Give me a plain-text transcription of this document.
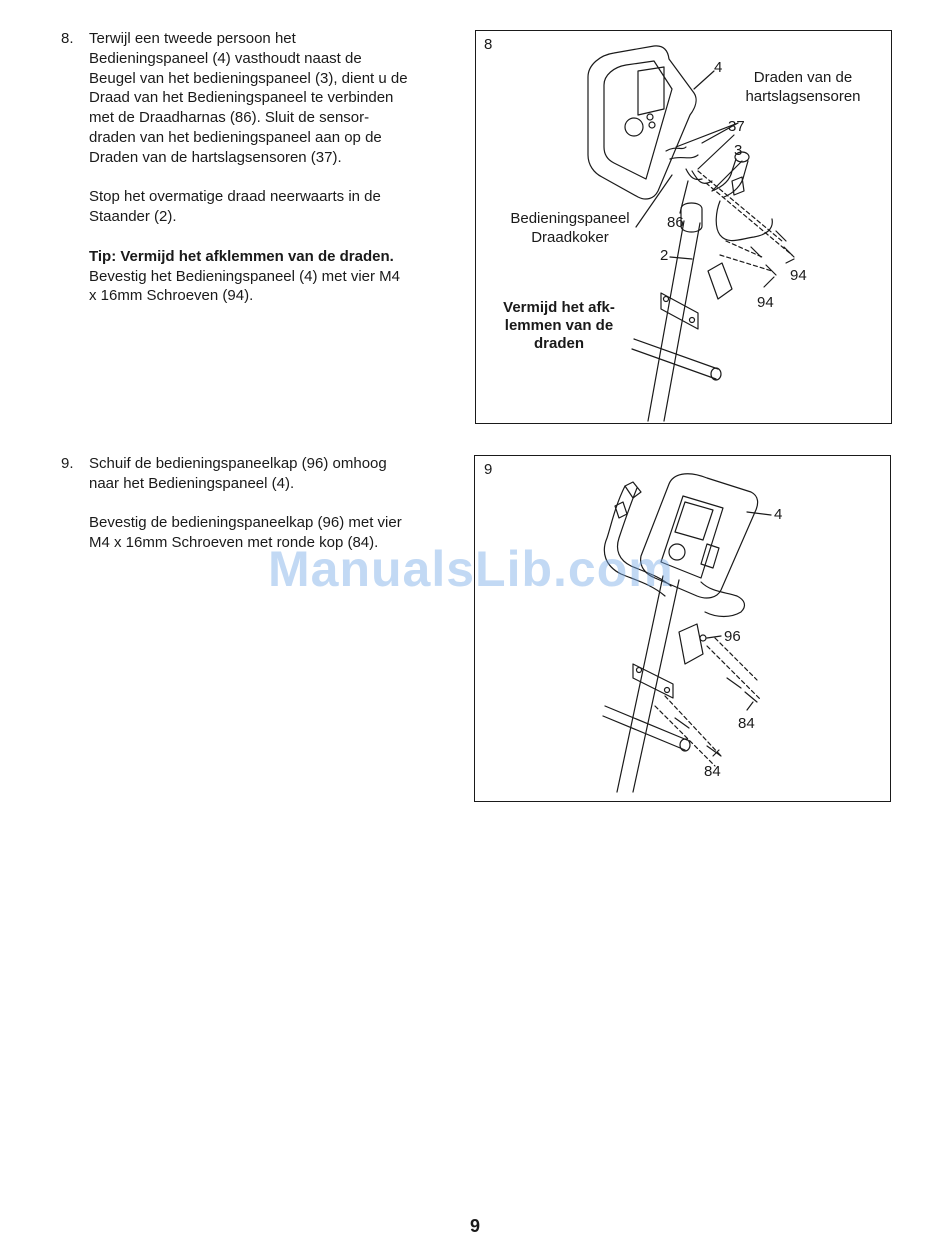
8. Terwijl een tweede persoon het
Bedieningspaneel (4) vasthoudt naast de
Beugel van het bedieningspaneel (3), dient u de
Draad van het Bedieningspaneel te verbinden
met de Draadharnas (86). Sluit de sensor-
draden van het bedieningspaneel aan op de
Draden van de hartslagsensoren (37).

Stop het overmatige draad neerwaarts in de
Staander (2).

Tip: Vermijd het afklemmen van de draden.
Bevestig het Bedieningspaneel (4) met vier M4
x 16mm Schroeven (94).

8
4
Draden van de
hartslagsensoren
37
3
Bedieningspaneel
Draadkoker
86
2
94
94
Vermijd het afk-
lemmen van de
draden
9. Schuif de bedieningspaneelkap (96) omhoog
naar het Bedieningspaneel (4).

Bevestig de bedieningspaneelkap (96) met vier
M4 x 16mm Schroeven met ronde kop (84).

9
4
96
84
84
ManualsLib.com
9
